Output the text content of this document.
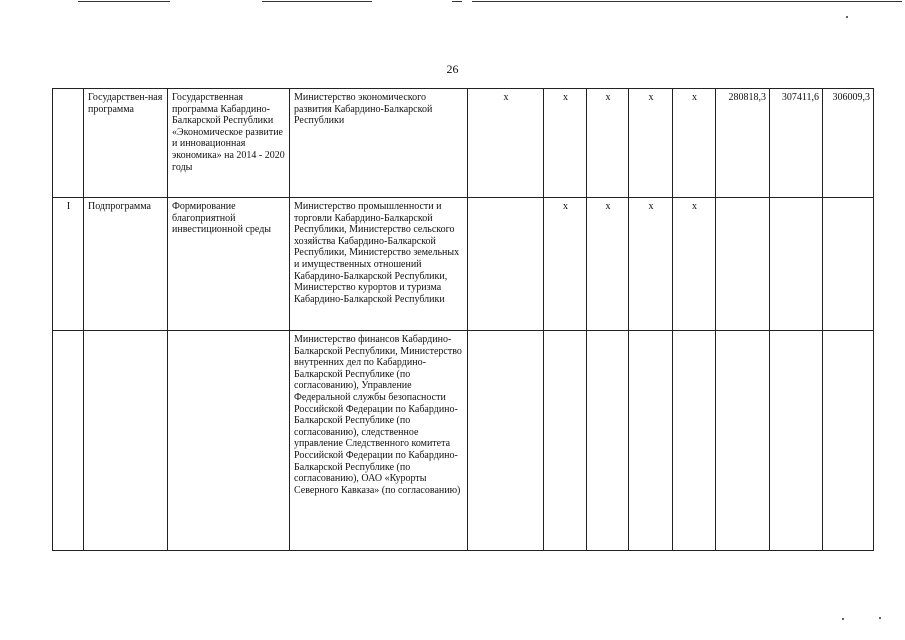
26
	Государствен-ная программа	Государственная программа Кабардино-Балкарской Республики «Экономическое развитие и инновационная экономика» на 2014 - 2020 годы	Министерство экономического развития Кабардино-Балкарской Республики	x	x	x	x	x	280818,3	307411,6	306009,3
I	Подпрограмма	Формирование благоприятной инвестиционной среды	Министерство промышленности и торговли Кабардино-Балкарской Республики, Министерство сельского хозяйства Кабардино-Балкарской Республики, Министерство земельных и имущественных отношений Кабардино-Балкарской Республики, Министерство курортов и туризма Кабардино-Балкарской Республики		x	x	x	x			
			Министерство финансов Кабардино-Балкарской Республики, Министерство внутренних дел по Кабардино-Балкарской Республике (по согласованию), Управление Федеральной службы безопасности Российской Федерации по Кабардино-Балкарской Республике (по согласованию), следственное управление Следственного комитета Российской Федерации по Кабардино-Балкарской Республике (по согласованию), ОАО «Курорты Северного Кавказа» (по согласованию)								
